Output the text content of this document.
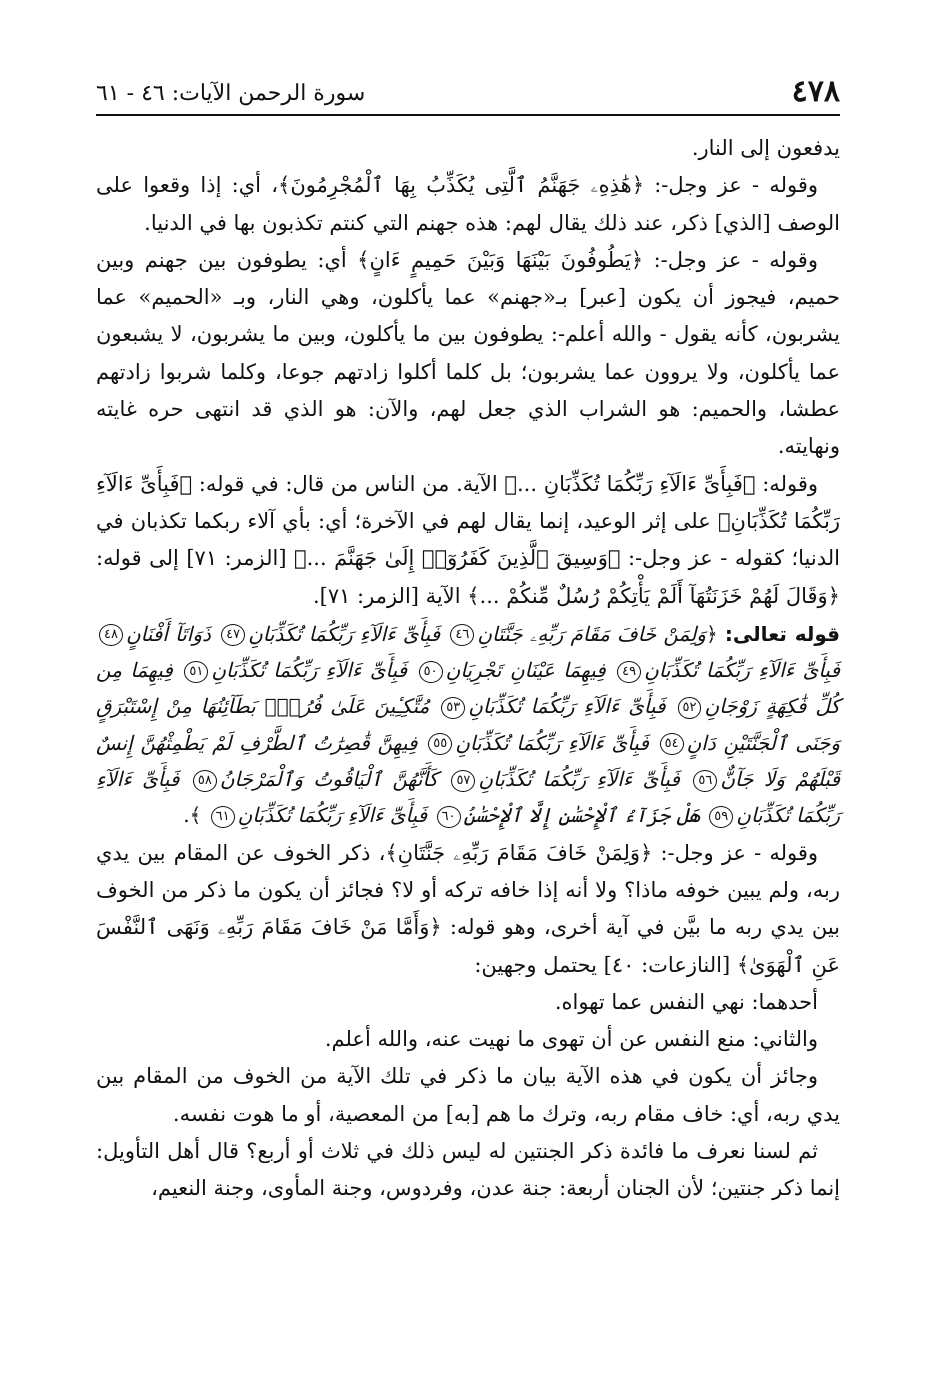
٤٧٨
سورة الرحمن الآيات: ٤٦ - ٦١

يدفعون إلى النار.

وقوله - عز وجل-: ﴿هَٰذِهِۦ جَهَنَّمُ ٱلَّتِى يُكَذِّبُ بِهَا ٱلْمُجْرِمُونَ﴾، أي: إذا وقعوا على الوصف [الذي] ذكر، عند ذلك يقال لهم: هذه جهنم التي كنتم تكذبون بها في الدنيا.

وقوله - عز وجل-: ﴿يَطُوفُونَ بَيْنَهَا وَبَيْنَ حَمِيمٍ ءَانٍ﴾ أي: يطوفون بين جهنم وبين حميم، فيجوز أن يكون [عبر] بـ«جهنم» عما يأكلون، وهي النار، وبـ «الحميم» عما يشربون، كأنه يقول - والله أعلم-: يطوفون بين ما يأكلون، وبين ما يشربون، لا يشبعون عما يأكلون، ولا يروون عما يشربون؛ بل كلما أكلوا زادتهم جوعا، وكلما شربوا زادتهم عطشا، والحميم: هو الشراب الذي جعل لهم، والآن: هو الذي قد انتهى حره غايته ونهايته.

وقوله: ﴿فَبِأَىِّ ءَالَآءِ رَبِّكُمَا تُكَذِّبَانِ ...﴾ الآية. من الناس من قال: في قوله: ﴿فَبِأَىِّ ءَالَآءِ رَبِّكُمَا تُكَذِّبَانِ﴾ على إثر الوعيد، إنما يقال لهم في الآخرة؛ أي: بأي آلاء ربكما تكذبان في الدنيا؛ كقوله - عز وجل-: ﴿وَسِيقَ ٱلَّذِينَ كَفَرُوٓا۟ إِلَىٰ جَهَنَّمَ ...﴾ [الزمر: ٧١] إلى قوله: ﴿وَقَالَ لَهُمْ خَزَنَتُهَآ أَلَمْ يَأْتِكُمْ رُسُلٌ مِّنكُمْ ...﴾ الآية [الزمر: ٧١].

قوله تعالى: ﴿وَلِمَنْ خَافَ مَقَامَ رَبِّهِۦ جَنَّتَانِ٤٦ فَبِأَىِّ ءَالَآءِ رَبِّكُمَا تُكَذِّبَانِ٤٧ ذَوَاتَآ أَفْنَانٍ٤٨ فَبِأَىِّ ءَالَآءِ رَبِّكُمَا تُكَذِّبَانِ٤٩ فِيهِمَا عَيْنَانِ تَجْرِيَانِ٥٠ فَبِأَىِّ ءَالَآءِ رَبِّكُمَا تُكَذِّبَانِ٥١ فِيهِمَا مِن كُلِّ فَٰكِهَةٍ زَوْجَانِ٥٢ فَبِأَىِّ ءَالَآءِ رَبِّكُمَا تُكَذِّبَانِ٥٣ مُتَّكِـِٔينَ عَلَىٰ فُرُشٍۭ بَطَآئِنُهَا مِنْ إِسْتَبْرَقٍ وَجَنَى ٱلْجَنَّتَيْنِ دَانٍ٥٤ فَبِأَىِّ ءَالَآءِ رَبِّكُمَا تُكَذِّبَانِ٥٥ فِيهِنَّ قَٰصِرَٰتُ ٱلطَّرْفِ لَمْ يَطْمِثْهُنَّ إِنسٌ قَبْلَهُمْ وَلَا جَآنٌّ٥٦ فَبِأَىِّ ءَالَآءِ رَبِّكُمَا تُكَذِّبَانِ٥٧ كَأَنَّهُنَّ ٱلْيَاقُوتُ وَٱلْمَرْجَانُ٥٨ فَبِأَىِّ ءَالَآءِ رَبِّكُمَا تُكَذِّبَانِ٥٩ هَلْ جَزَآءُ ٱلْإِحْسَٰنِ إِلَّا ٱلْإِحْسَٰنُ٦٠ فَبِأَىِّ ءَالَآءِ رَبِّكُمَا تُكَذِّبَانِ٦١ ﴾.

وقوله - عز وجل-: ﴿وَلِمَنْ خَافَ مَقَامَ رَبِّهِۦ جَنَّتَانِ﴾، ذكر الخوف عن المقام بين يدي ربه، ولم يبين خوفه ماذا؟ ولا أنه إذا خافه تركه أو لا؟ فجائز أن يكون ما ذكر من الخوف بين يدي ربه ما بيَّن في آية أخرى، وهو قوله: ﴿وَأَمَّا مَنْ خَافَ مَقَامَ رَبِّهِۦ وَنَهَى ٱلنَّفْسَ عَنِ ٱلْهَوَىٰ﴾ [النازعات: ٤٠] يحتمل وجهين:

أحدهما: نهي النفس عما تهواه.

والثاني: منع النفس عن أن تهوى ما نهيت عنه، والله أعلم.

وجائز أن يكون في هذه الآية بيان ما ذكر في تلك الآية من الخوف من المقام بين يدي ربه، أي: خاف مقام ربه، وترك ما هم [به] من المعصية، أو ما هوت نفسه.

ثم لسنا نعرف ما فائدة ذكر الجنتين له ليس ذلك في ثلاث أو أربع؟ قال أهل التأويل: إنما ذكر جنتين؛ لأن الجنان أربعة: جنة عدن، وفردوس، وجنة المأوى، وجنة النعيم،
